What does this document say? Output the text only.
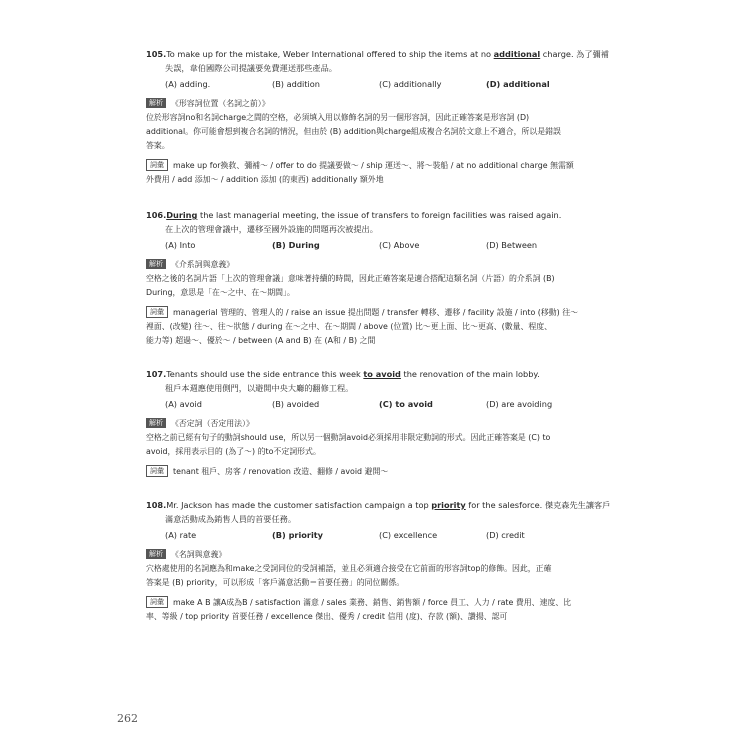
105.To make up for the mistake, Weber International offered to ship the items at no additional charge. 為了彌補
失誤，韋伯國際公司提議要免費運送那些產品。
(A) adding.	(B) addition	(C) additionally	(D) additional
解析 《形容詞位置（名詞之前）》
位於形容詞no和名詞charge之間的空格，必須填入用以修飾名詞的另一個形容詞，因此正確答案是形容詞 (D)
additional。你可能會想到複合名詞的情況，但由於 (B) addition與charge組成複合名詞於文意上不適合，所以是錯誤
答案。
詞彙 make up for換救、彌補～ / offer to do 提議要做～ / ship 運送～、將～裝船 / at no additional charge 無需額
外費用 / add 添加～ / addition 添加 (的東西) additionally 額外地
106.During the last managerial meeting, the issue of transfers to foreign facilities was raised again.
在上次的管理會議中，遷移至國外設施的問題再次被提出。
(A) Into	(B) During	(C) Above	(D) Between
解析 《介系詞與意義》
空格之後的名詞片語「上次的管理會議」意味著持續的時間，因此正確答案是適合搭配這類名詞（片語）的介系詞 (B)
During，意思是「在～之中、在～期間」。
詞彙 managerial 管理的、管理人的 / raise an issue 提出問題 / transfer 轉移、遷移 / facility 設施 / into (移動) 往～
裡面、(改變) 往～、往～狀態 / during 在～之中、在～期間 / above (位置) 比～更上面、比～更高、(數量、程度、
能力等) 超過～、優於～ / between (A and B) 在 (A和 / B) 之間
107.Tenants should use the side entrance this week to avoid the renovation of the main lobby.
租戶本週應使用側門，以避開中央大廳的翻修工程。
(A) avoid	(B) avoided	(C) to avoid	(D) are avoiding
解析 《否定詞（否定用法）》
空格之前已經有句子的動詞should use，所以另一個動詞avoid必須採用非限定動詞的形式。因此正確答案是 (C) to
avoid，採用表示目的 (為了～) 的to不定詞形式。
詞彙 tenant 租戶、房客 / renovation 改造、翻修 / avoid 避開～
108.Mr. Jackson has made the customer satisfaction campaign a top priority for the salesforce. 傑克森先生讓客戶
滿意活動成為銷售人員的首要任務。
(A) rate	(B) priority	(C) excellence	(D) credit
解析 《名詞與意義》
穴格處使用的名詞應為和make之受詞同位的受詞補語，並且必須適合接受在它前面的形容詞top的修飾。因此，正確
答案是 (B) priority，可以形成「客戶滿意活動＝首要任務」的同位關係。
詞彙 make A B 讓A成為B / satisfaction 滿意 / sales 業務、銷售、銷售額 / force 員工、人力 / rate 費用、速度、比
率、等級 / top priority 首要任務 / excellence 傑出、優秀 / credit 信用 (度)、存款 (額)、讚揚、認可
262
